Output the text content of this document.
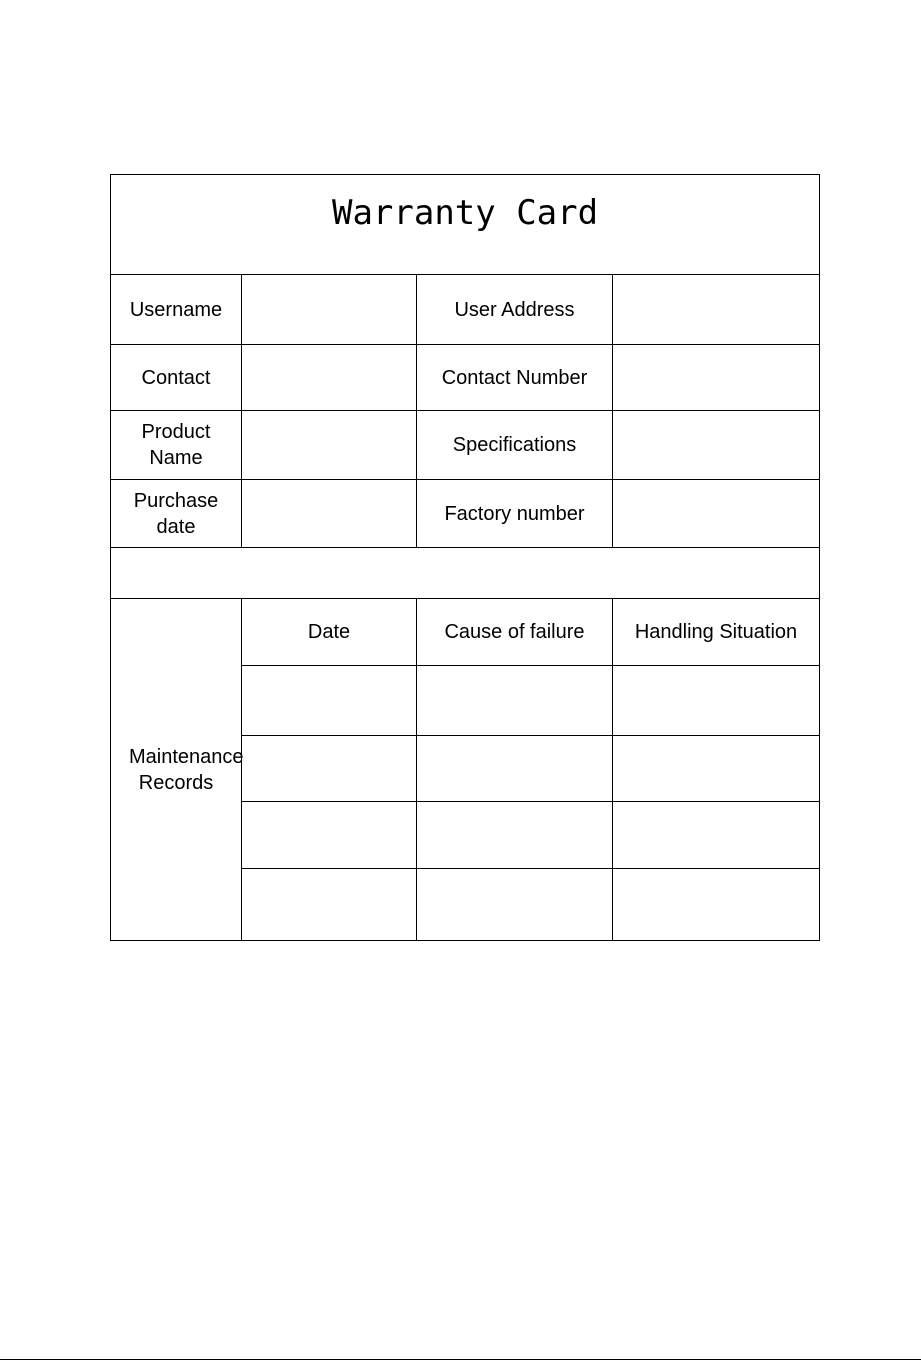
Warranty Card			

Username		User Address	
Contact		Contact Number	
Product Name		Specifications	
Purchase date		Factory number	

Maintenance Records	Date	Cause of failure	Handling Situation
